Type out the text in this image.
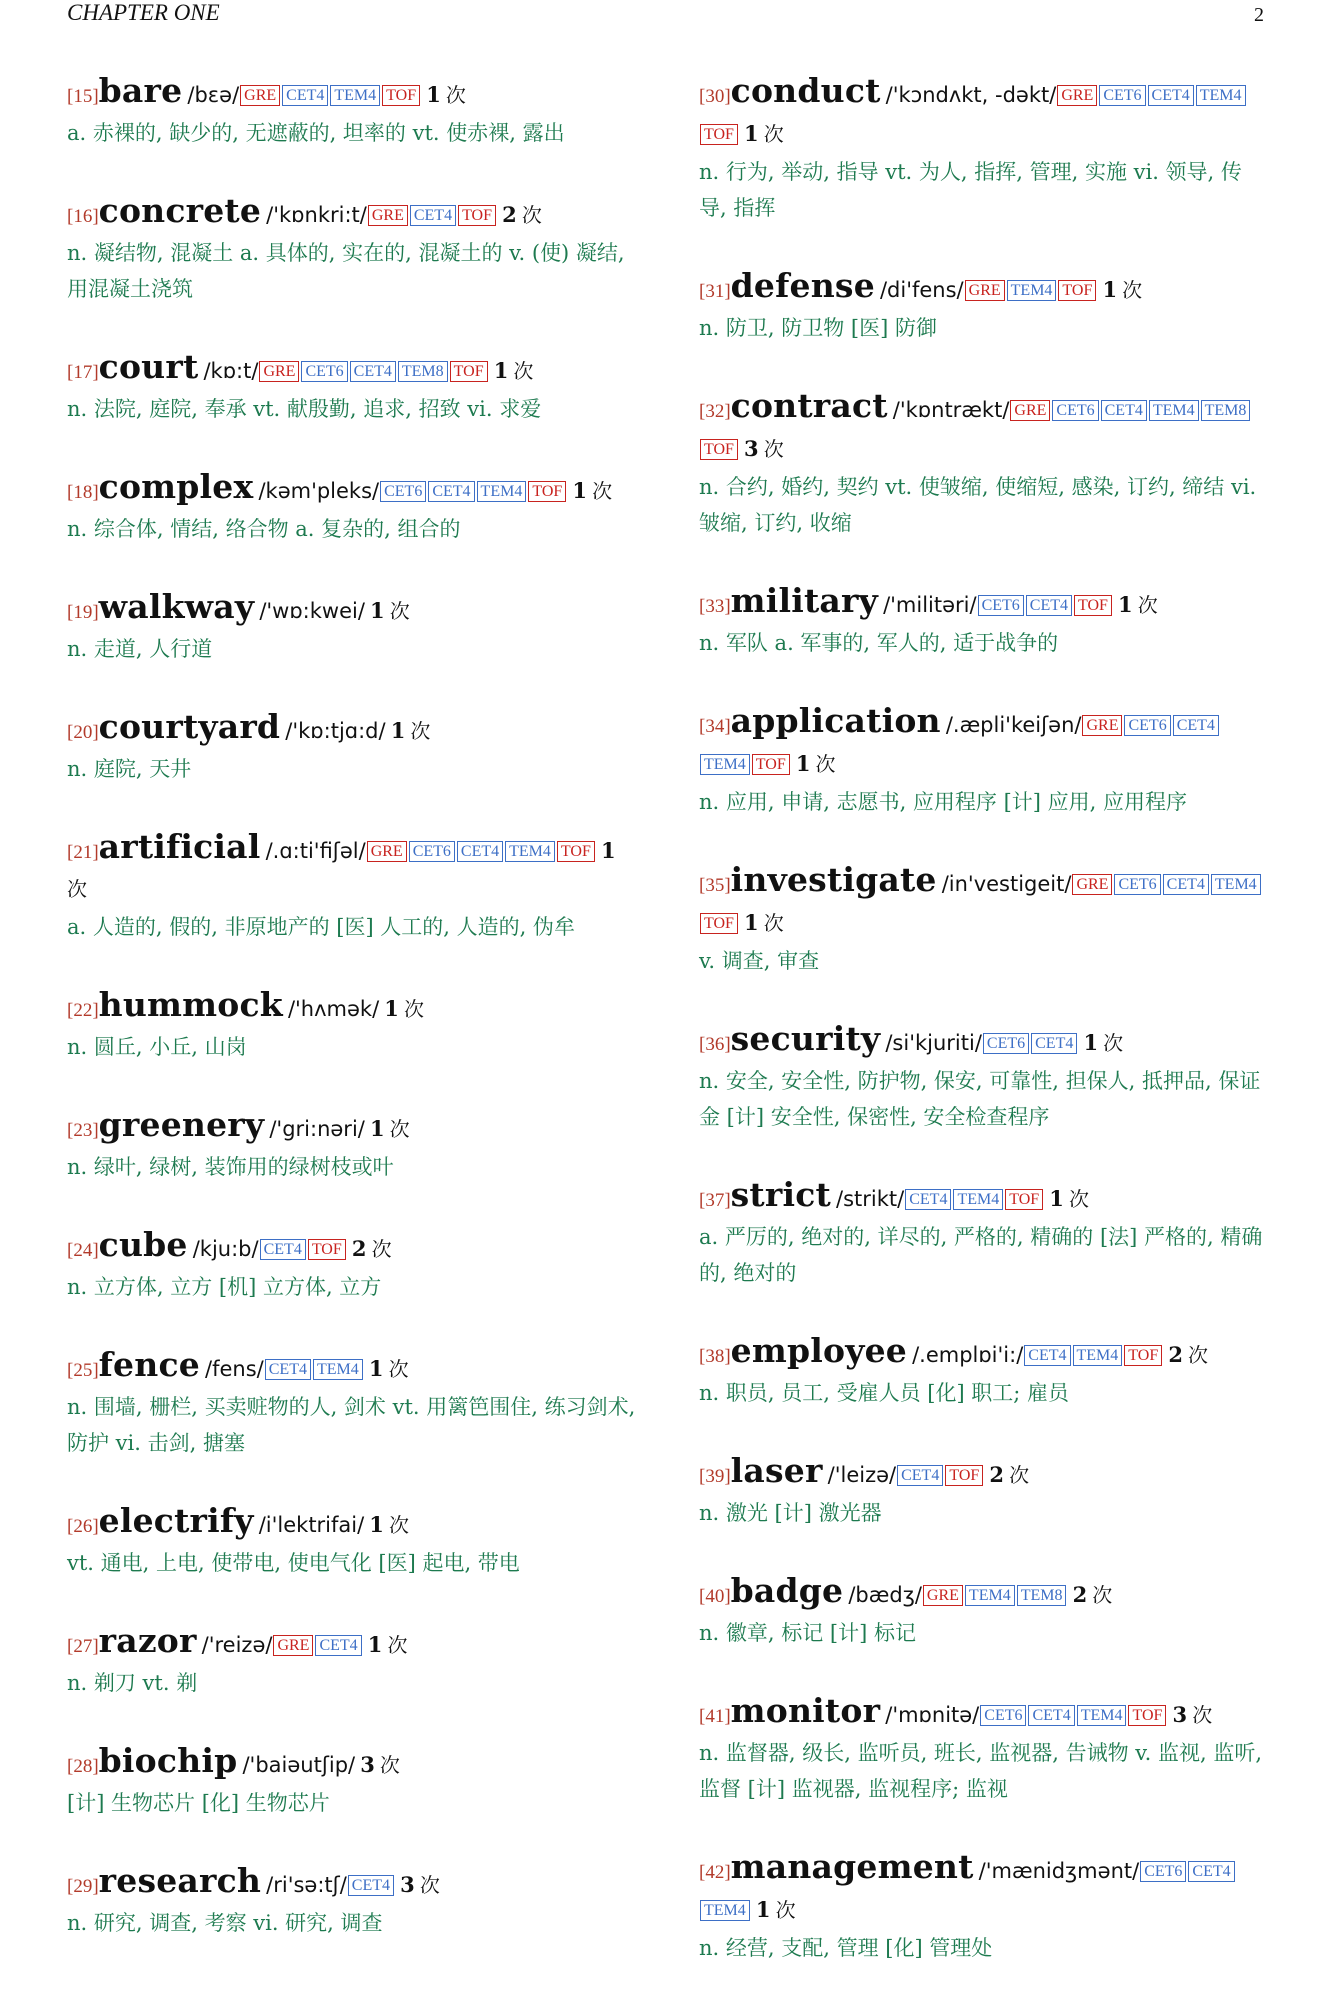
CHAPTER ONE	2
[15]bare /bɛə/ GRE CET4 TEM4 TOF 1 次
a. 赤裸的, 缺少的, 无遮蔽的, 坦率的 vt. 使赤裸, 露出
[16]concrete /'kɒnkri:t/ GRE CET4 TOF 2 次
n. 凝结物, 混凝土 a. 具体的, 实在的, 混凝土的 v. (使) 凝结, 用混凝土浇筑
[17]court /kɒ:t/ GRE CET6 CET4 TEM8 TOF 1 次
n. 法院, 庭院, 奉承 vt. 献殷勤, 追求, 招致 vi. 求爱
[18]complex /kəm'pleks/ CET6 CET4 TEM4 TOF 1 次
n. 综合体, 情结, 络合物 a. 复杂的, 组合的
[19]walkway /'wɒ:kwei/ 1 次
n. 走道, 人行道
[20]courtyard /'kɒ:tjɑ:d/ 1 次
n. 庭院, 天井
[21]artificial /.ɑ:ti'fiʃəl/ GRE CET6 CET4 TEM4 TOF 1 次
a. 人造的, 假的, 非原地产的 [医] 人工的, 人造的, 伪牟
[22]hummock /'hʌmək/ 1 次
n. 圆丘, 小丘, 山岗
[23]greenery /'gri:nəri/ 1 次
n. 绿叶, 绿树, 装饰用的绿树枝或叶
[24]cube /kju:b/ CET4 TOF 2 次
n. 立方体, 立方 [机] 立方体, 立方
[25]fence /fens/ CET4 TEM4 1 次
n. 围墙, 栅栏, 买卖赃物的人, 剑术 vt. 用篱笆围住, 练习剑术, 防护 vi. 击剑, 搪塞
[26]electrify /i'lektrifai/ 1 次
vt. 通电, 上电, 使带电, 使电气化 [医] 起电, 带电
[27]razor /'reizə/ GRE CET4 1 次
n. 剃刀 vt. 剃
[28]biochip /'baiəutʃip/ 3 次
[计] 生物芯片 [化] 生物芯片
[29]research /ri'sə:tʃ/ CET4 3 次
n. 研究, 调查, 考察 vi. 研究, 调查
[30]conduct /'kɔndʌkt, -dəkt/ GRE CET6 CET4 TEM4TOF 1 次
n. 行为, 举动, 指导 vt. 为人, 指挥, 管理, 实施 vi. 领导, 传导, 指挥
[31]defense /di'fens/ GRE TEM4 TOF 1 次
n. 防卫, 防卫物 [医] 防御
[32]contract /'kɒntrækt/ GRE CET6 CET4 TEM4 TEM8TOF 3 次
n. 合约, 婚约, 契约 vt. 使皱缩, 使缩短, 感染, 订约, 缔结 vi. 皱缩, 订约, 收缩
[33]military /'militəri/ CET6 CET4 TOF 1 次
n. 军队 a. 军事的, 军人的, 适于战争的
[34]application /.æpli'keiʃən/ GRE CET6 CET4TEM4 TOF 1 次
n. 应用, 申请, 志愿书, 应用程序 [计] 应用, 应用程序
[35]investigate /in'vestigeit/ GRE CET6 CET4 TEM4TOF 1 次
v. 调查, 审查
[36]security /si'kjuriti/ CET6 CET4 1 次
n. 安全, 安全性, 防护物, 保安, 可靠性, 担保人, 抵押品, 保证金 [计] 安全性, 保密性, 安全检查程序
[37]strict /strikt/ CET4 TEM4 TOF 1 次
a. 严厉的, 绝对的, 详尽的, 严格的, 精确的 [法] 严格的, 精确的, 绝对的
[38]employee /.emplɒi'i:/ CET4 TEM4 TOF 2 次
n. 职员, 员工, 受雇人员 [化] 职工; 雇员
[39]laser /'leizə/ CET4 TOF 2 次
n. 激光 [计] 激光器
[40]badge /bædʒ/ GRE TEM4 TEM8 2 次
n. 徽章, 标记 [计] 标记
[41]monitor /'mɒnitə/ CET6 CET4 TEM4 TOF 3 次
n. 监督器, 级长, 监听员, 班长, 监视器, 告诫物 v. 监视, 监听, 监督 [计] 监视器, 监视程序; 监视
[42]management /'mænidʒmənt/ CET6 CET4TEM4 1 次
n. 经营, 支配, 管理 [化] 管理处
